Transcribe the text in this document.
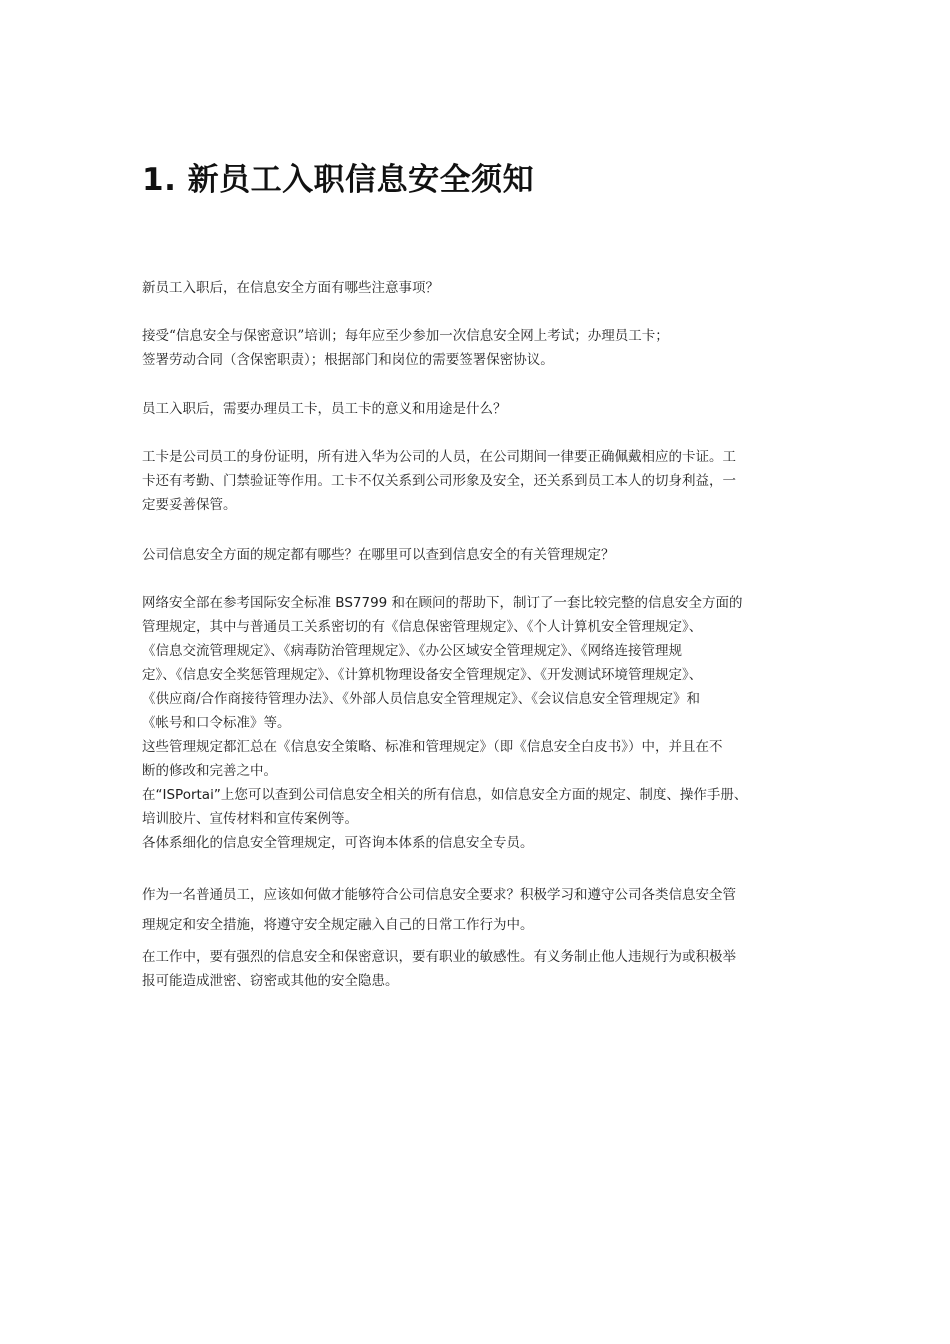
1. 新员工入职信息安全须知

新员工入职后，在信息安全方面有哪些注意事项？

接受“信息安全与保密意识”培训；每年应至少参加一次信息安全网上考试；办理员工卡；
签署劳动合同（含保密职责）；根据部门和岗位的需要签署保密协议。

员工入职后，需要办理员工卡，员工卡的意义和用途是什么？

工卡是公司员工的身份证明，所有进入华为公司的人员，在公司期间一律要正确佩戴相应的卡证。工
卡还有考勤、门禁验证等作用。工卡不仅关系到公司形象及安全，还关系到员工本人的切身利益，一
定要妥善保管。

公司信息安全方面的规定都有哪些？在哪里可以查到信息安全的有关管理规定？

网络安全部在参考国际安全标准 BS7799 和在顾问的帮助下，制订了一套比较完整的信息安全方面的
管理规定，其中与普通员工关系密切的有《信息保密管理规定》、《个人计算机安全管理规定》、
《信息交流管理规定》、《病毒防治管理规定》、《办公区域安全管理规定》、《网络连接管理规
定》、《信息安全奖惩管理规定》、《计算机物理设备安全管理规定》、《开发测试环境管理规定》、
《供应商/合作商接待管理办法》、《外部人员信息安全管理规定》、《会议信息安全管理规定》和
《帐号和口令标准》等。
这些管理规定都汇总在《信息安全策略、标准和管理规定》（即《信息安全白皮书》）中，并且在不
断的修改和完善之中。
在“ISPortai”上您可以查到公司信息安全相关的所有信息，如信息安全方面的规定、制度、操作手册、
培训胶片、宣传材料和宣传案例等。
各体系细化的信息安全管理规定，可咨询本体系的信息安全专员。

作为一名普通员工，应该如何做才能够符合公司信息安全要求？积极学习和遵守公司各类信息安全管
理规定和安全措施，将遵守安全规定融入自己的日常工作行为中。

在工作中，要有强烈的信息安全和保密意识，要有职业的敏感性。有义务制止他人违规行为或积极举
报可能造成泄密、窃密或其他的安全隐患。
